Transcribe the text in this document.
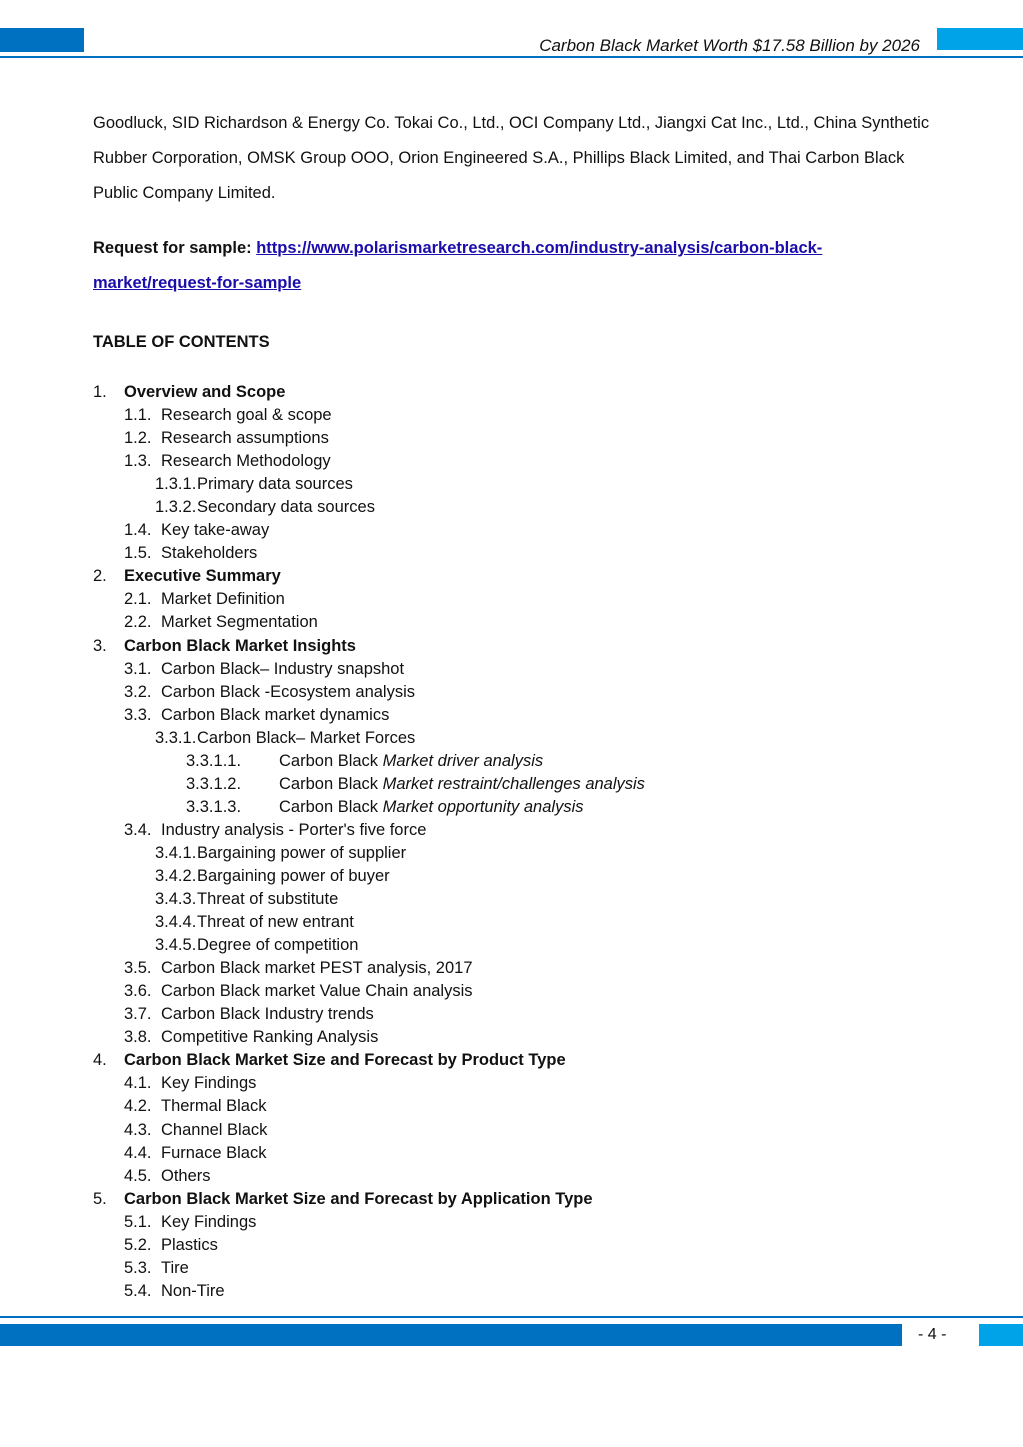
Carbon Black Market Worth $17.58 Billion by 2026

Goodluck, SID Richardson & Energy Co. Tokai Co., Ltd., OCI Company Ltd., Jiangxi Cat Inc., Ltd., China Synthetic Rubber Corporation, OMSK Group OOO, Orion Engineered S.A., Phillips Black Limited, and Thai Carbon Black Public Company Limited.

Request for sample: https://www.polarismarketresearch.com/industry-analysis/carbon-black-market/request-for-sample
TABLE OF CONTENTS
1. Overview and Scope
1.1. Research goal & scope
1.2. Research assumptions
1.3. Research Methodology
1.3.1. Primary data sources
1.3.2. Secondary data sources
1.4. Key take-away
1.5. Stakeholders
2. Executive Summary
2.1. Market Definition
2.2. Market Segmentation
3. Carbon Black Market Insights
3.1. Carbon Black– Industry snapshot
3.2. Carbon Black -Ecosystem analysis
3.3. Carbon Black market dynamics
3.3.1. Carbon Black– Market Forces
3.3.1.1. Carbon Black Market driver analysis
3.3.1.2. Carbon Black Market restraint/challenges analysis
3.3.1.3. Carbon Black Market opportunity analysis
3.4. Industry analysis - Porter's five force
3.4.1. Bargaining power of supplier
3.4.2. Bargaining power of buyer
3.4.3. Threat of substitute
3.4.4. Threat of new entrant
3.4.5. Degree of competition
3.5. Carbon Black market PEST analysis, 2017
3.6. Carbon Black market Value Chain analysis
3.7. Carbon Black Industry trends
3.8. Competitive Ranking Analysis
4. Carbon Black Market Size and Forecast by Product Type
4.1. Key Findings
4.2. Thermal Black
4.3. Channel Black
4.4. Furnace Black
4.5. Others
5. Carbon Black Market Size and Forecast by Application Type
5.1. Key Findings
5.2. Plastics
5.3. Tire
5.4. Non-Tire
- 4 -
